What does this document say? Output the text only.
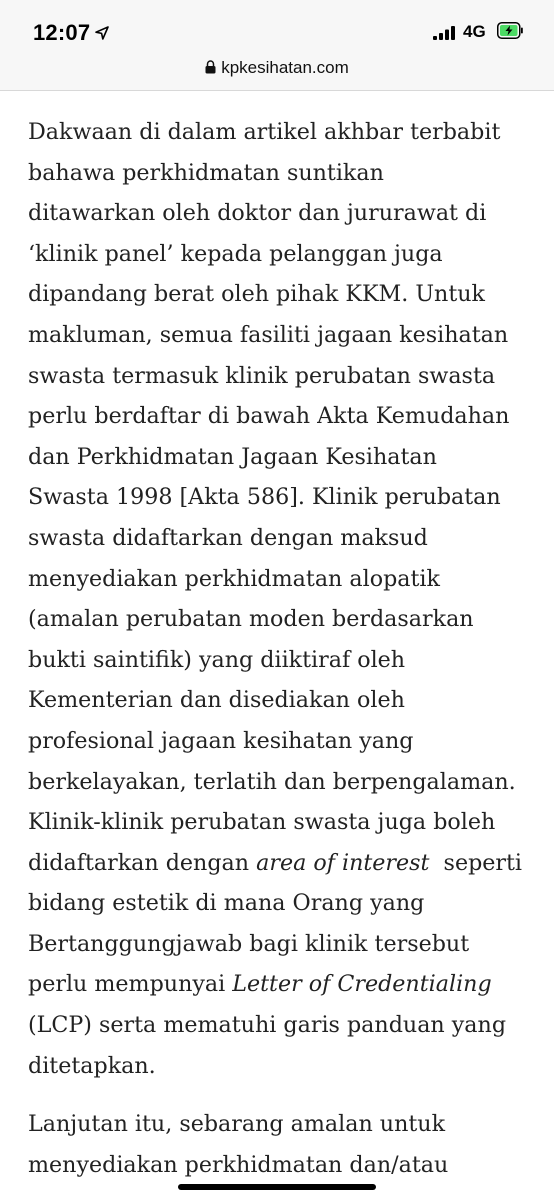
12:07	4G
kpkesihatan.com

Dakwaan di dalam artikel akhbar terbabit
bahawa perkhidmatan suntikan
ditawarkan oleh doktor dan jururawat di
‘klinik panel’ kepada pelanggan juga
dipandang berat oleh pihak KKM. Untuk
makluman, semua fasiliti jagaan kesihatan
swasta termasuk klinik perubatan swasta
perlu berdaftar di bawah Akta Kemudahan
dan Perkhidmatan Jagaan Kesihatan
Swasta 1998 [Akta 586]. Klinik perubatan
swasta didaftarkan dengan maksud
menyediakan perkhidmatan alopatik
(amalan perubatan moden berdasarkan
bukti saintifik) yang diiktiraf oleh
Kementerian dan disediakan oleh
profesional jagaan kesihatan yang
berkelayakan, terlatih dan berpengalaman.
Klinik-klinik perubatan swasta juga boleh
didaftarkan dengan area of interest  seperti
bidang estetik di mana Orang yang
Bertanggungjawab bagi klinik tersebut
perlu mempunyai Letter of Credentialing
(LCP) serta mematuhi garis panduan yang
ditetapkan.

Lanjutan itu, sebarang amalan untuk
menyediakan perkhidmatan dan/atau
